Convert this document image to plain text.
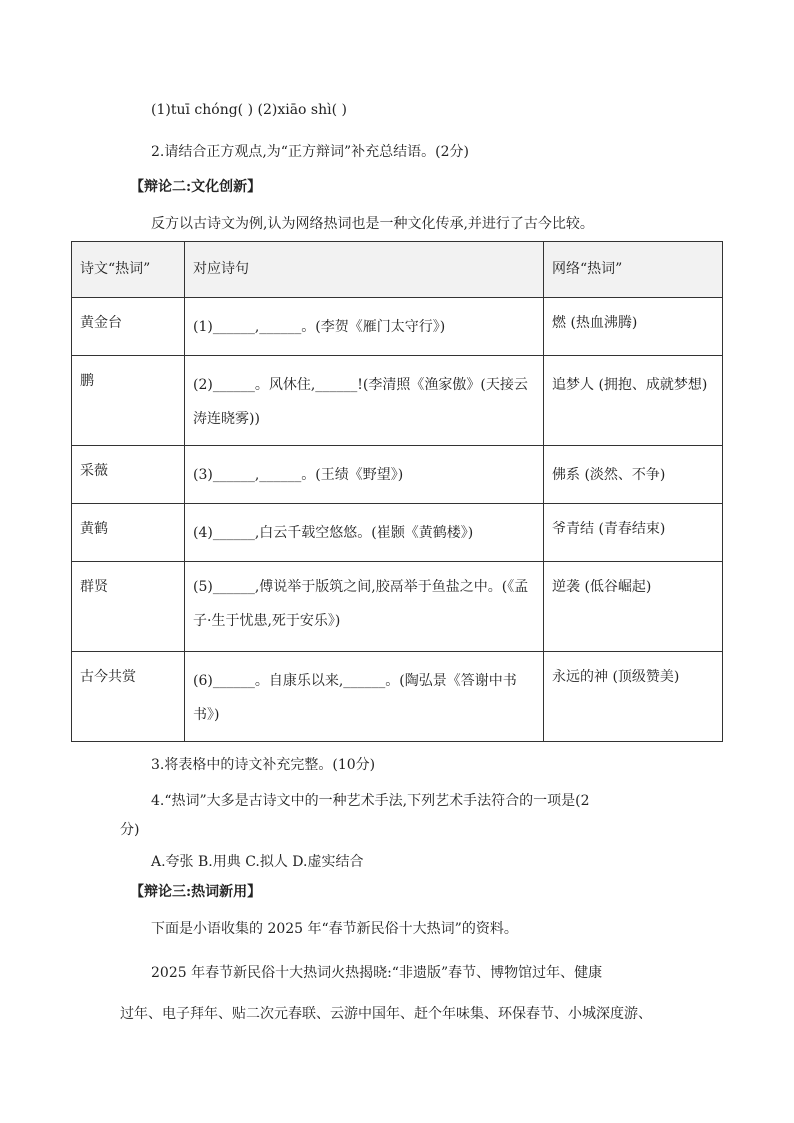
(1)tuī chóng( ) (2)xiāo shì( )
2.请结合正方观点,为“正方辩词”补充总结语。(2分)
【辩论二:文化创新】
反方以古诗文为例,认为网络热词也是一种文化传承,并进行了古今比较。
诗文“热词”	对应诗句	网络“热词”
黄金台	(1)______,______。(李贺《雁门太守行》)	燃 (热血沸腾)
鹏	(2)______。风休住,______!(李清照《渔家傲》(天接云涛连晓雾))	追梦人 (拥抱、成就梦想)
采薇	(3)______,______。(王绩《野望》)	佛系 (淡然、不争)
黄鹤	(4)______,白云千载空悠悠。(崔颢《黄鹤楼》)	爷青结 (青春结束)
群贤	(5)______,傅说举于版筑之间,胶鬲举于鱼盐之中。(《孟子·生于忧患,死于安乐》)	逆袭 (低谷崛起)
古今共赏	(6)______。自康乐以来,______。(陶弘景《答谢中书书》)	永远的神 (顶级赞美)
3.将表格中的诗文补充完整。(10分)
4.“热词”大多是古诗文中的一种艺术手法,下列艺术手法符合的一项是(2
分)
A.夸张 B.用典 C.拟人 D.虚实结合
【辩论三:热词新用】
下面是小语收集的 2025 年“春节新民俗十大热词”的资料。
2025 年春节新民俗十大热词火热揭晓:“非遗版”春节、博物馆过年、健康
过年、电子拜年、贴二次元春联、云游中国年、赶个年味集、环保春节、小城深度游、
